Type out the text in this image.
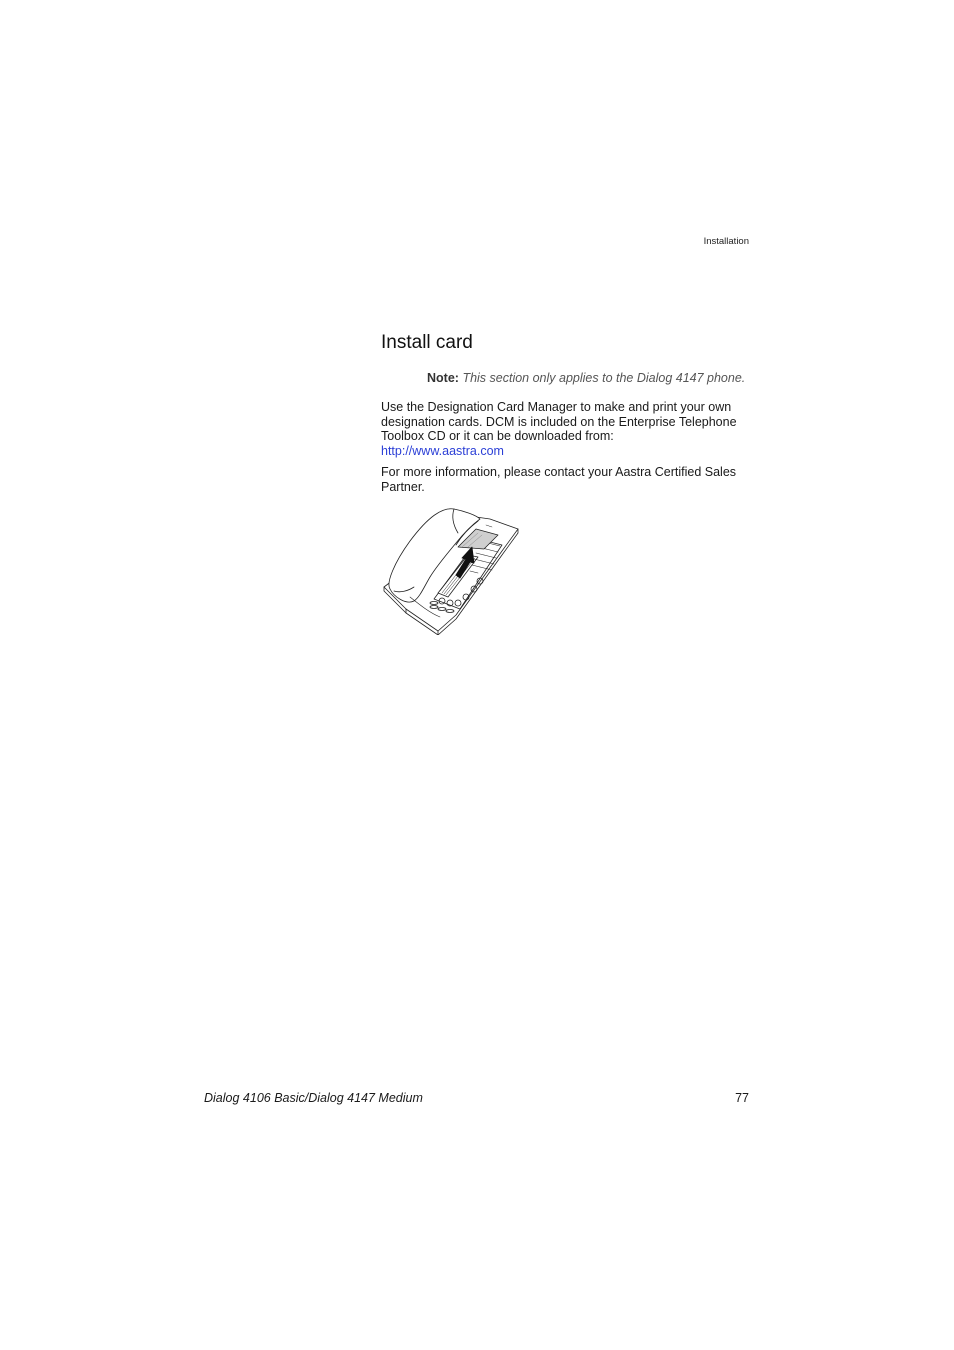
Installation
Install card
Note: This section only applies to the Dialog 4147 phone.

Use the Designation Card Manager to make and print your own designation cards. DCM is included on the Enterprise Telephone Toolbox CD or it can be downloaded from:
http://www.aastra.com

For more information, please contact your Aastra Certified Sales Partner.

Dialog 4106 Basic/Dialog 4147 Medium	77
